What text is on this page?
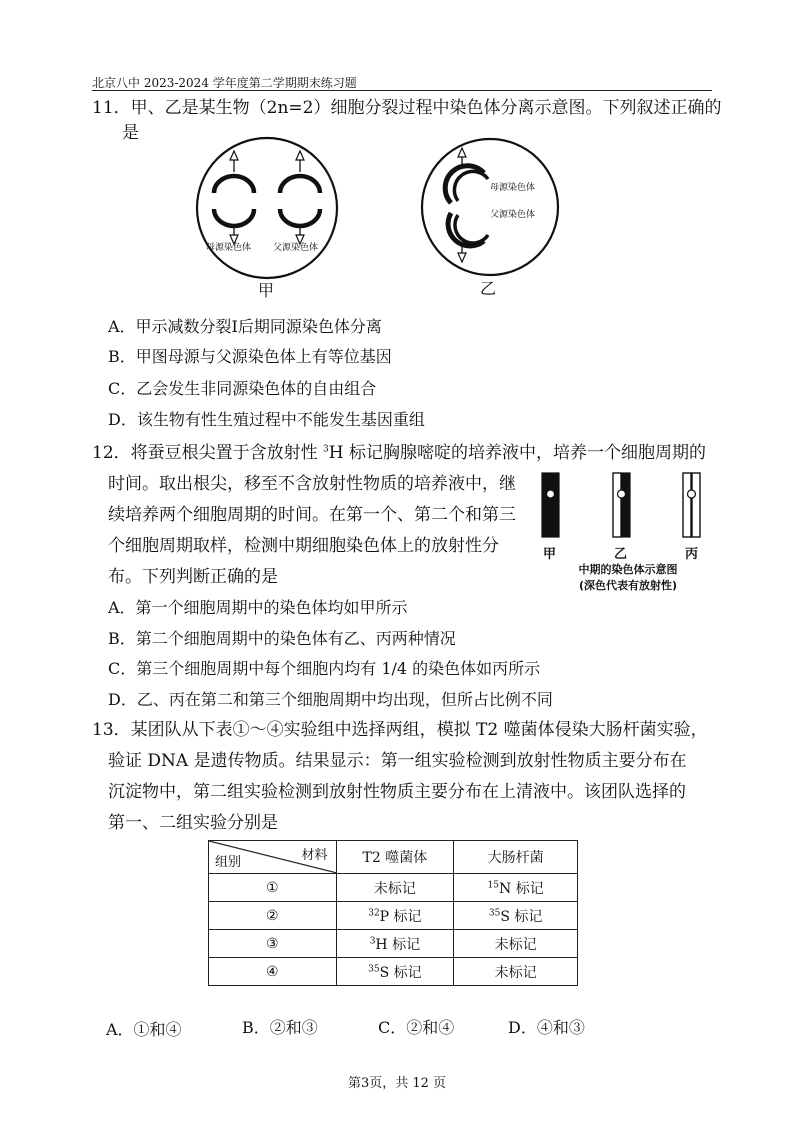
北京八中 2023-2024 学年度第二学期期末练习题
11．甲、乙是某生物（2n=2）细胞分裂过程中染色体分离示意图。下列叙述正确的
是
母源染色体 父源染色体
甲
母源染色体
父源染色体
乙
A．甲示减数分裂Ⅰ后期同源染色体分离
B．甲图母源与父源染色体上有等位基因
C．乙会发生非同源染色体的自由组合
D．该生物有性生殖过程中不能发生基因重组
12．将蚕豆根尖置于含放射性 $^3$H 标记胸腺嘧啶的培养液中，培养一个细胞周期的
时间。取出根尖，移至不含放射性物质的培养液中，继
续培养两个细胞周期的时间。在第一个、第二个和第三
个细胞周期取样，检测中期细胞染色体上的放射性分
布。下列判断正确的是
甲	乙	丙
中期的染色体示意图
(深色代表有放射性)
A．第一个细胞周期中的染色体均如甲所示
B．第二个细胞周期中的染色体有乙、丙两种情况
C．第三个细胞周期中每个细胞内均有 1/4 的染色体如丙所示
D．乙、丙在第二和第三个细胞周期中均出现，但所占比例不同
13．某团队从下表①～④实验组中选择两组，模拟 T2 噬菌体侵染大肠杆菌实验，
验证 DNA 是遗传物质。结果显示：第一组实验检测到放射性物质主要分布在
沉淀物中，第二组实验检测到放射性物质主要分布在上清液中。该团队选择的
第一、二组实验分别是
材料
组别	T2 噬菌体	大肠杆菌
①	未标记	$^{15}$N 标记
②	$^{32}$P 标记	$^{35}$S 标记
③	$^3$H 标记	未标记
④	$^{35}$S 标记	未标记
A．①和④	B．②和③	C．②和④	D．④和③
第3页，共 12 页
